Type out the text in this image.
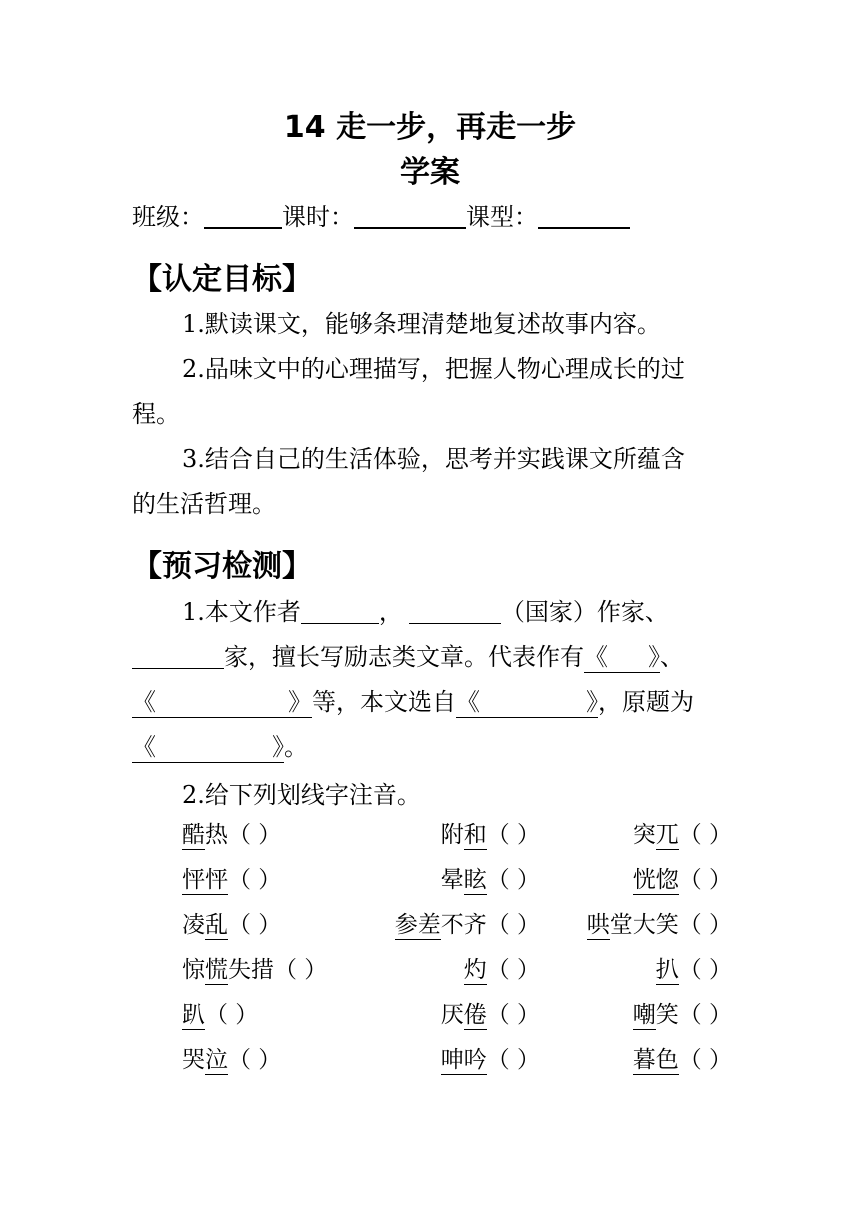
14 走一步，再走一步
学案
班级：	课时：	课型：
【认定目标】
1.默读课文，能够条理清楚地复述故事内容。
2.品味文中的心理描写，把握人物心理成长的过
程。
3.结合自己的生活体验，思考并实践课文所蕴含
的生活哲理。
【预习检测】
1.本文作者	，	（国家）作家、
家，擅长写励志类文章。代表作有《 》、
《	》等，本文选自《	》，原题为
《	》。
2.给下列划线字注音。
酷热（ ）	附和（ ）	突兀（ ）
怦怦（ ）	晕眩（ ）	恍惚（ ）
凌乱（ ）	参差不齐（ ） 哄堂大笑（ ）
惊慌失措（ ）	灼（ ）	扒（ ）
趴（ ）	厌倦（ ）	嘲笑（ ）
哭泣（ ）	呻吟（ ）	暮色（ ）
